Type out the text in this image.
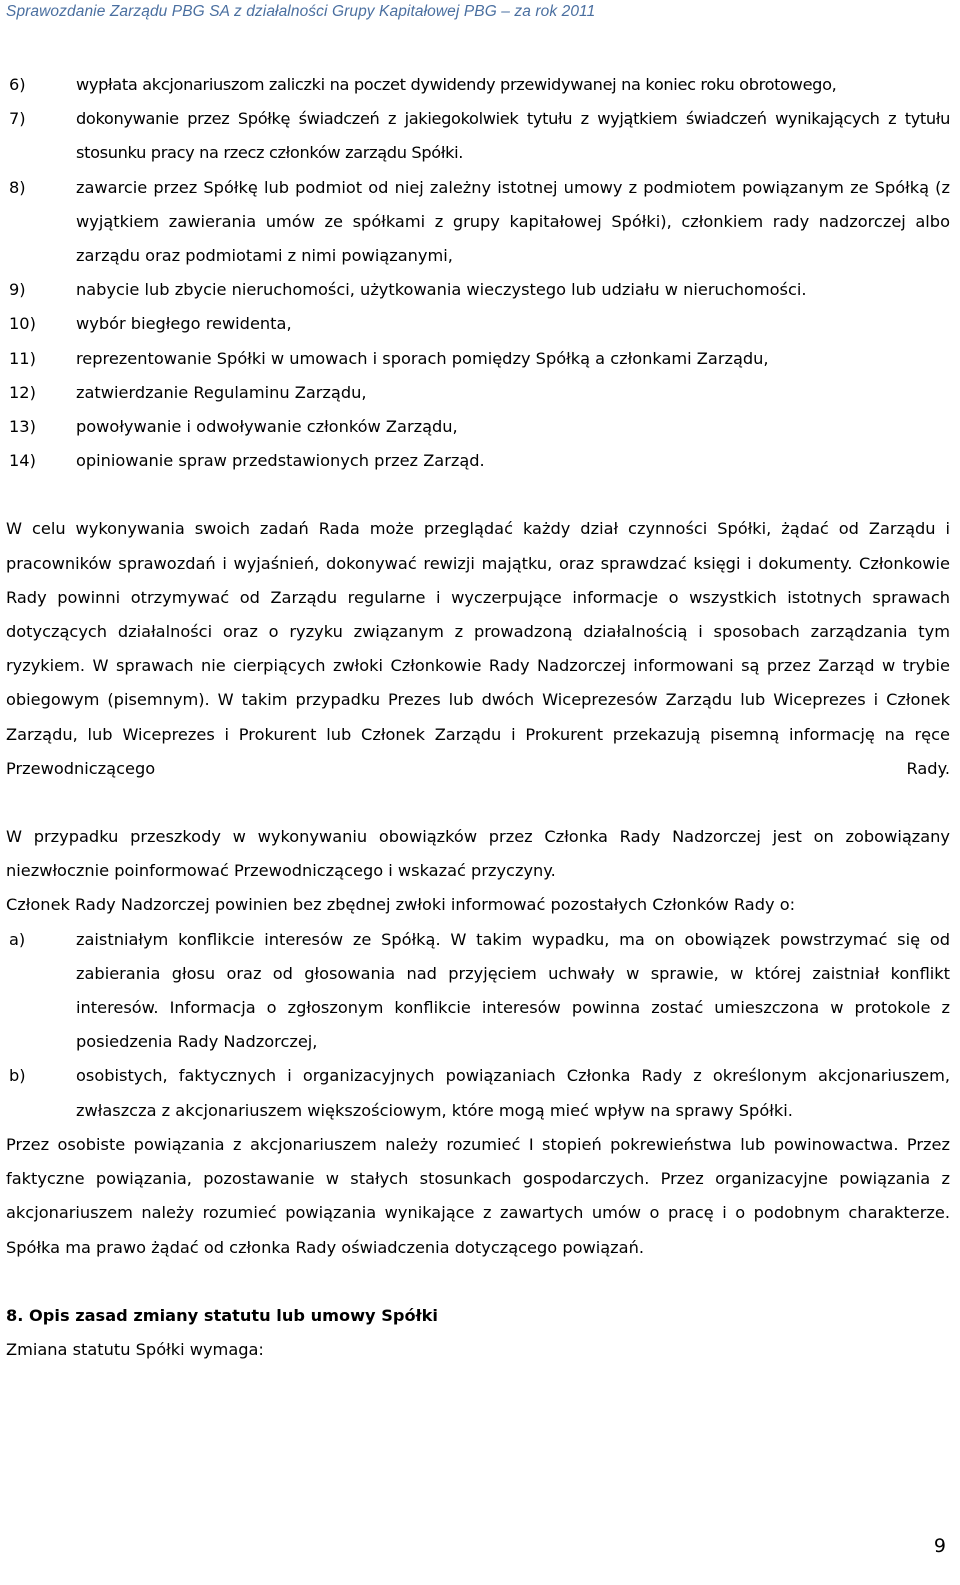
Sprawozdanie Zarządu PBG SA z działalności Grupy Kapitałowej PBG – za rok 2011
6)	wypłata akcjonariuszom zaliczki na poczet dywidendy przewidywanej na koniec roku obrotowego,
7)	dokonywanie przez Spółkę świadczeń z jakiegokolwiek tytułu z wyjątkiem świadczeń wynikających z tytułu stosunku pracy na rzecz członków zarządu Spółki.
8)	zawarcie przez Spółkę lub podmiot od niej zależny istotnej umowy z podmiotem powiązanym ze Spółką (z wyjątkiem zawierania umów ze spółkami z grupy kapitałowej Spółki), członkiem rady nadzorczej albo zarządu oraz podmiotami z nimi powiązanymi,
9)	nabycie lub zbycie nieruchomości, użytkowania wieczystego lub udziału w nieruchomości.
10)	wybór biegłego rewidenta,
11)	reprezentowanie Spółki w umowach i sporach pomiędzy Spółką a członkami Zarządu,
12)	zatwierdzanie Regulaminu Zarządu,
13)	powoływanie i odwoływanie członków Zarządu,
14)	opiniowanie spraw przedstawionych przez Zarząd.

W celu wykonywania swoich zadań Rada może przeglądać każdy dział czynności Spółki, żądać od Zarządu i pracowników sprawozdań i wyjaśnień, dokonywać rewizji majątku, oraz sprawdzać księgi i dokumenty. Członkowie Rady powinni otrzymywać od Zarządu regularne i wyczerpujące informacje o wszystkich istotnych sprawach dotyczących działalności oraz o ryzyku związanym z prowadzoną działalnością i sposobach zarządzania tym ryzykiem. W sprawach nie cierpiących zwłoki Członkowie Rady Nadzorczej informowani są przez Zarząd w trybie obiegowym (pisemnym). W takim przypadku Prezes lub dwóch Wiceprezesów Zarządu lub Wiceprezes i Członek Zarządu, lub Wiceprezes i Prokurent lub Członek Zarządu i Prokurent przekazują pisemną informację na ręce Przewodniczącego Rady.

W przypadku przeszkody w wykonywaniu obowiązków przez Członka Rady Nadzorczej jest on zobowiązany niezwłocznie poinformować Przewodniczącego i wskazać przyczyny.

Członek Rady Nadzorczej powinien bez zbędnej zwłoki informować pozostałych Członków Rady o:

a)	zaistniałym konflikcie interesów ze Spółką. W takim wypadku, ma on obowiązek powstrzymać się od zabierania głosu oraz od głosowania nad przyjęciem uchwały w sprawie, w której zaistniał konflikt interesów. Informacja o zgłoszonym konflikcie interesów powinna zostać umieszczona w protokole z posiedzenia Rady Nadzorczej,
b)	osobistych, faktycznych i organizacyjnych powiązaniach Członka Rady z określonym akcjonariuszem, zwłaszcza z akcjonariuszem większościowym, które mogą mieć wpływ na sprawy Spółki.

Przez osobiste powiązania z akcjonariuszem należy rozumieć I stopień pokrewieństwa lub powinowactwa. Przez faktyczne powiązania, pozostawanie w stałych stosunkach gospodarczych. Przez organizacyjne powiązania z akcjonariuszem należy rozumieć powiązania wynikające z zawartych umów o pracę i o podobnym charakterze. Spółka ma prawo żądać od członka Rady oświadczenia dotyczącego powiązań.

8. Opis zasad zmiany statutu lub umowy Spółki

Zmiana statutu Spółki wymaga:

9
